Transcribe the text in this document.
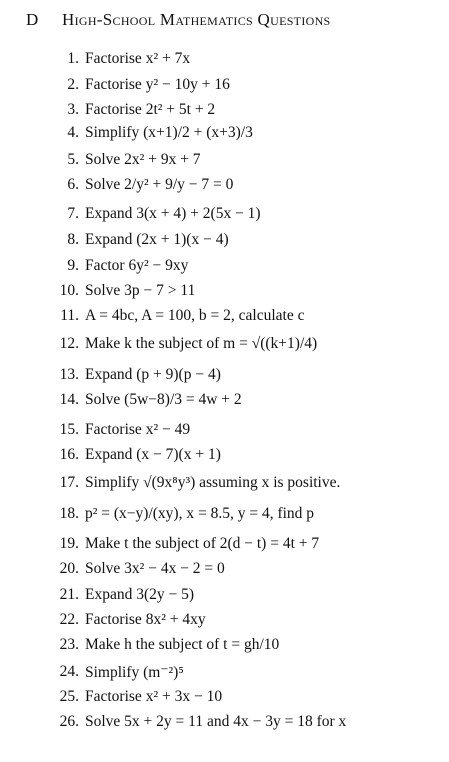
D High-School Mathematics Questions
1. Factorise x² + 7x
2. Factorise y² − 10y + 16
3. Factorise 2t² + 5t + 2
4. Simplify (x+1)/2 + (x+3)/3
5. Solve 2x² + 9x + 7
6. Solve 2/y² + 9/y − 7 = 0
7. Expand 3(x + 4) + 2(5x − 1)
8. Expand (2x + 1)(x − 4)
9. Factor 6y² − 9xy
10. Solve 3p − 7 > 11
11. A = 4bc, A = 100, b = 2, calculate c
12. Make k the subject of m = √((k+1)/4)
13. Expand (p + 9)(p − 4)
14. Solve (5w−8)/3 = 4w + 2
15. Factorise x² − 49
16. Expand (x − 7)(x + 1)
17. Simplify √(9x⁸y³) assuming x is positive.
18. p² = (x−y)/(xy), x = 8.5, y = 4, find p
19. Make t the subject of 2(d − t) = 4t + 7
20. Solve 3x² − 4x − 2 = 0
21. Expand 3(2y − 5)
22. Factorise 8x² + 4xy
23. Make h the subject of t = gh/10
24. Simplify (m⁻²)⁵
25. Factorise x² + 3x − 10
26. Solve 5x + 2y = 11 and 4x − 3y = 18 for x
